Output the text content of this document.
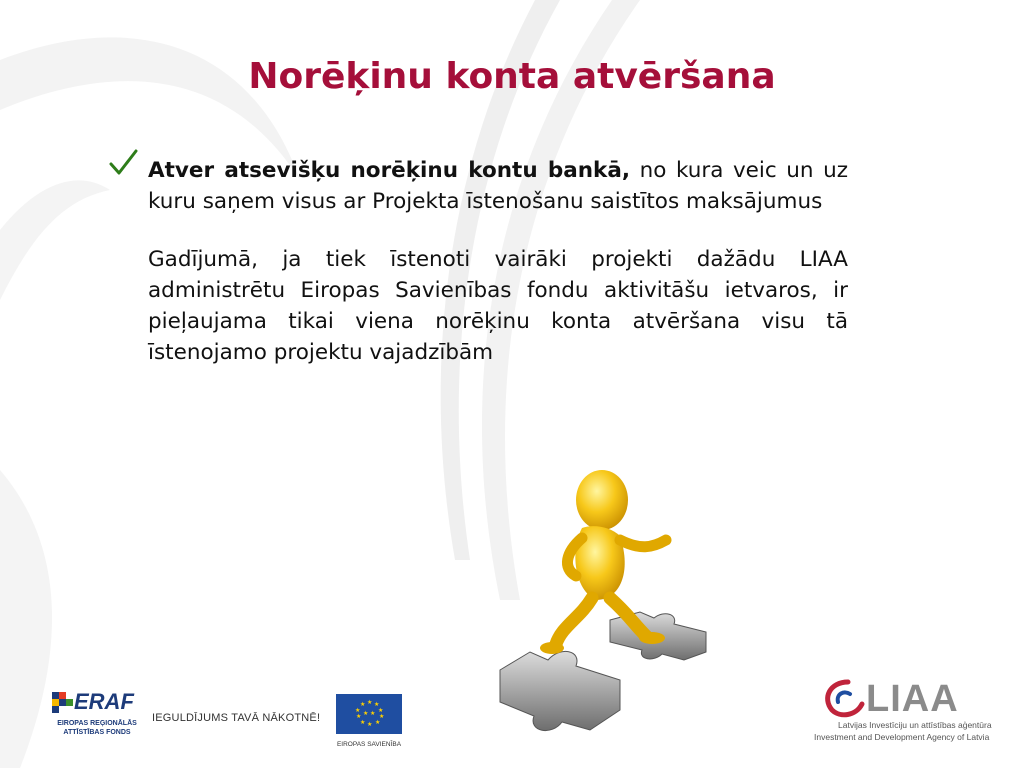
Norēķinu konta atvēršana
Atver atsevišķu norēķinu kontu bankā, no kura veic un uz kuru saņem visus ar Projekta īstenošanu saistītos maksājumus
Gadījumā, ja tiek īstenoti vairāki projekti dažādu LIAA administrētu Eiropas Savienības fondu aktivitāšu ietvaros, ir pieļaujama tikai viena norēķinu konta atvēršana visu tā īstenojamo projektu vajadzībām
ERAF
EIROPAS REĢIONĀLĀS ATTĪSTĪBAS FONDS
IEGULDĪJUMS TAVĀ NĀKOTNĒ!
★ ★
★
★
★
★
★
★
★
★
★
★
EIROPAS SAVIENĪBA
LIAA
Latvijas Investīciju un attīstības aģentūra
Investment and Development Agency of Latvia
